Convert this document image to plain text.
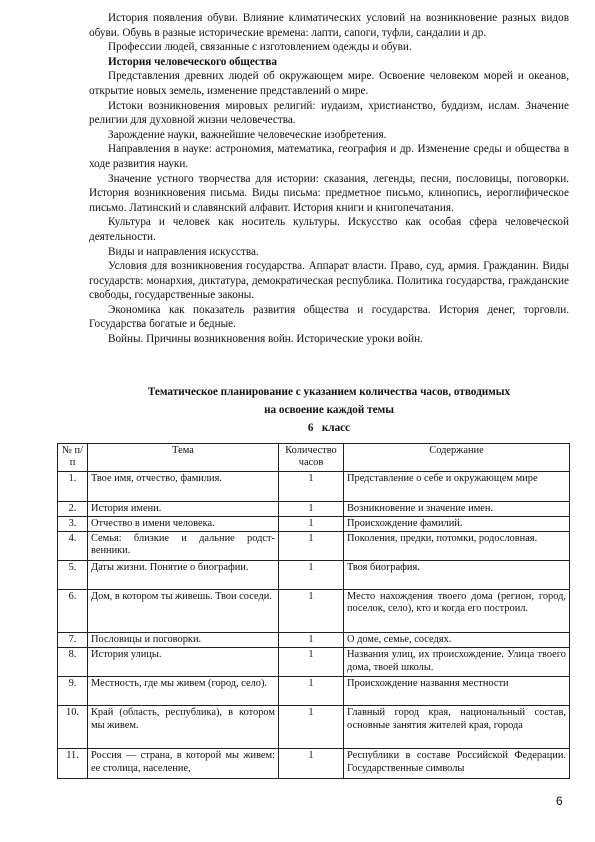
История появления обуви. Влияние климатических условий на возникновение разных видов обуви. Обувь в разные исторические времена: лапти, сапоги, туфли, сандалии и др.

Профессии людей, связанные с изготовлением одежды и обуви.

История человеческого общества

Представления древних людей об окружающем мире. Освоение человеком морей и океанов, открытие новых земель, изменение представлений о мире.

Истоки возникновения мировых религий: иудаизм, христианство, буддизм, ислам. Значение религии для духовной жизни человечества.

Зарождение науки, важнейшие человеческие изобретения.

Направления в науке: астрономия, математика, география и др. Изменение среды и общества в ходе развития науки.

Значение устного творчества для истории: сказания, легенды, песни, пословицы, поговорки. История возникновения письма. Виды письма: предметное письмо, клинопись, иероглифическое письмо. Латинский и славянский алфавит. История книги и книгопечатания.

Культура и человек как носитель культуры. Искусство как особая сфера человеческой деятельности.

Виды и направления искусства.

Условия для возникновения государства. Аппарат власти. Право, суд, армия. Гражданин. Виды государств: монархия, диктатура, демократическая республика. Политика государства, гражданские свободы, государственные законы.

Экономика как показатель развития общества и государства. История денег, торговли. Государства богатые и бедные.

Войны. Причины возникновения войн. Исторические уроки войн.

Тематическое планирование с указанием количества часов, отводимых
на освоение каждой темы
6   класс
№ п/п	Тема	Количество часов	Содержание
1.	Твое имя, отчество, фамилия.	1	Представление о себе и окружающем мире
2.	История имени.	1	Возникновение и значение имен.
3.	Отчество в имени человека.	1	Происхождение фамилий.
4.	Семья: близкие и дальние родст-венники.	1	Поколения, предки, потомки, родословная.
5.	Даты жизни. Понятие о биографии.	1	Твоя биография.
6.	Дом, в котором ты живешь. Твои соседи.	1	Место нахождения твоего дома (регион, город, поселок, село), кто и когда его построил.
7.	Пословицы и поговорки.	1	О доме, семье, соседях.
8.	История улицы.	1	Названия улиц, их происхождение. Улица твоего дома, твоей школы.
9.	Местность, где мы живем (город, село).	1	Происхождение названия местности
10.	Край (область, республика), в котором мы живем.	1	Главный город края, национальный состав, основные занятия жителей края, города
11.	Россия — страна, в которой мы живем: ее столица, население,	1	Республики в составе Российской Федерации. Государственные символы
6
